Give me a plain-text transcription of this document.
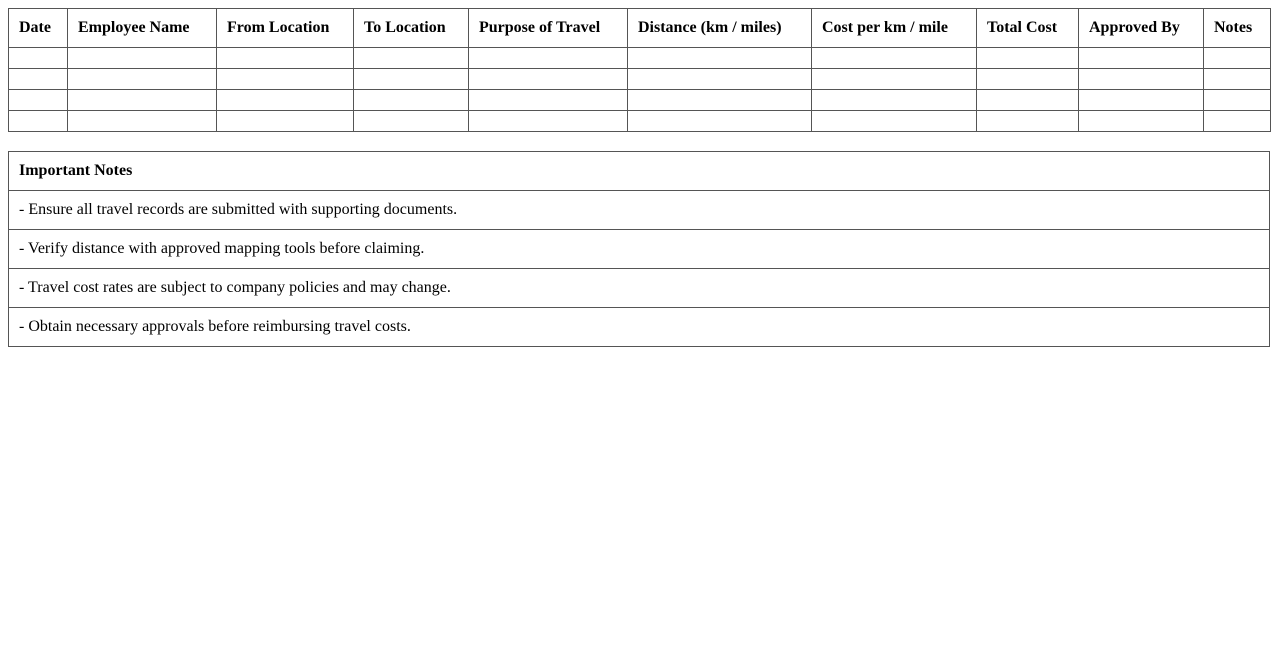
Date	Employee Name	From Location	To Location	Purpose of Travel	Distance (km / miles)	Cost per km / mile	Total Cost	Approved By	Notes

Important Notes
- Ensure all travel records are submitted with supporting documents.
- Verify distance with approved mapping tools before claiming.
- Travel cost rates are subject to company policies and may change.
- Obtain necessary approvals before reimbursing travel costs.
